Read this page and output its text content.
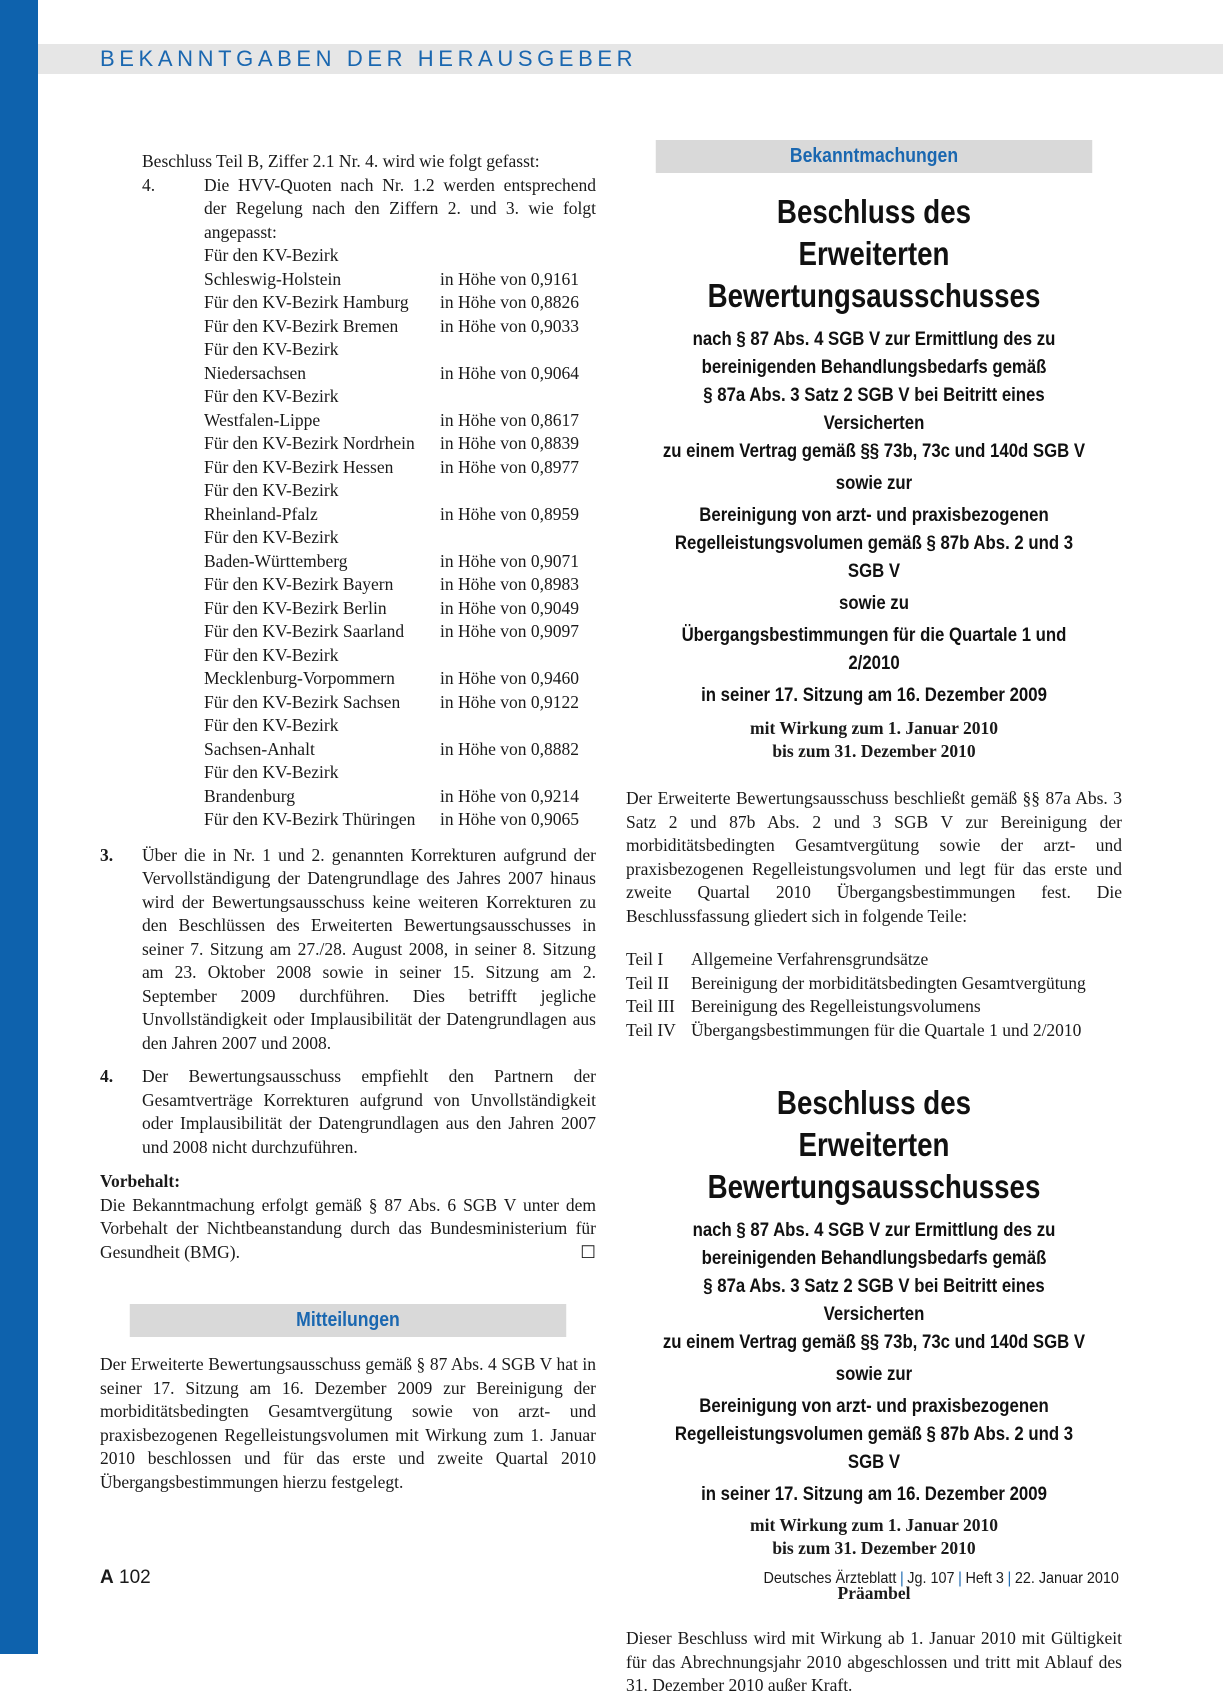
BEKANNTGABEN DER HERAUSGEBER

Beschluss Teil B, Ziffer 2.1 Nr. 4. wird wie folgt gefasst:

4.	Die HVV-Quoten nach Nr. 1.2 werden entsprechend der Regelung nach den Ziffern 2. und 3. wie folgt angepasst:
Für den KV-Bezirk	
Schleswig-Holstein	in Höhe von 0,9161
Für den KV-Bezirk Hamburg	in Höhe von 0,8826
Für den KV-Bezirk Bremen	in Höhe von 0,9033
Für den KV-Bezirk	
Niedersachsen	in Höhe von 0,9064
Für den KV-Bezirk	
Westfalen-Lippe	in Höhe von 0,8617
Für den KV-Bezirk Nordrhein	in Höhe von 0,8839
Für den KV-Bezirk Hessen	in Höhe von 0,8977
Für den KV-Bezirk	
Rheinland-Pfalz	in Höhe von 0,8959
Für den KV-Bezirk	
Baden-Württemberg	in Höhe von 0,9071
Für den KV-Bezirk Bayern	in Höhe von 0,8983
Für den KV-Bezirk Berlin	in Höhe von 0,9049
Für den KV-Bezirk Saarland	in Höhe von 0,9097
Für den KV-Bezirk	
Mecklenburg-Vorpommern	in Höhe von 0,9460
Für den KV-Bezirk Sachsen	in Höhe von 0,9122
Für den KV-Bezirk	
Sachsen-Anhalt	in Höhe von 0,8882
Für den KV-Bezirk	
Brandenburg	in Höhe von 0,9214
Für den KV-Bezirk Thüringen	in Höhe von 0,9065
3.	Über die in Nr. 1 und 2. genannten Korrekturen aufgrund der Vervollständigung der Datengrundlage des Jahres 2007 hinaus wird der Bewertungsausschuss keine weiteren Korrekturen zu den Beschlüssen des Erweiterten Bewertungsausschusses in seiner 7. Sitzung am 27./28. August 2008, in seiner 8. Sitzung am 23. Oktober 2008 sowie in seiner 15. Sitzung am 2. September 2009 durchführen. Dies betrifft jegliche Unvollständigkeit oder Implausibilität der Datengrundlagen aus den Jahren 2007 und 2008.
4.	Der Bewertungsausschuss empfiehlt den Partnern der Gesamtverträge Korrekturen aufgrund von Unvollständigkeit oder Implausibilität der Datengrundlagen aus den Jahren 2007 und 2008 nicht durchzuführen.

Vorbehalt:

Die Bekanntmachung erfolgt gemäß § 87 Abs. 6 SGB V unter dem Vorbehalt der Nichtbeanstandung durch das Bundesministerium für Gesundheit (BMG).	☐

Mitteilungen

Der Erweiterte Bewertungsausschuss gemäß § 87 Abs. 4 SGB V hat in seiner 17. Sitzung am 16. Dezember 2009 zur Bereinigung der morbiditätsbedingten Gesamtvergütung sowie von arzt- und praxisbezogenen Regelleistungsvolumen mit Wirkung zum 1. Januar 2010 beschlossen und für das erste und zweite Quartal 2010 Übergangsbestimmungen hierzu festgelegt.

Bekanntmachungen
Beschluss des
Erweiterten Bewertungsausschusses
nach § 87 Abs. 4 SGB V zur Ermittlung des zu
bereinigenden Behandlungsbedarfs gemäß
§ 87a Abs. 3 Satz 2 SGB V bei Beitritt eines Versicherten
zu einem Vertrag gemäß §§ 73b, 73c und 140d SGB V
sowie zur
Bereinigung von arzt- und praxisbezogenen
Regelleistungsvolumen gemäß § 87b Abs. 2 und 3 SGB V
sowie zu
Übergangsbestimmungen für die Quartale 1 und 2/2010
in seiner 17. Sitzung am 16. Dezember 2009
mit Wirkung zum 1. Januar 2010
bis zum 31. Dezember 2010

Der Erweiterte Bewertungsausschuss beschließt gemäß §§ 87a Abs. 3 Satz 2 und 87b Abs. 2 und 3 SGB V zur Bereinigung der morbiditätsbedingten Gesamtvergütung sowie der arzt- und praxisbezogenen Regelleistungsvolumen und legt für das erste und zweite Quartal 2010 Übergangsbestimmungen fest. Die Beschlussfassung gliedert sich in folgende Teile:

Teil I	Allgemeine Verfahrensgrundsätze
Teil II	Bereinigung der morbiditätsbedingten Gesamtvergütung
Teil III Bereinigung des Regelleistungsvolumens
Teil IV Übergangsbestimmungen für die Quartale 1 und 2/2010
Beschluss des
Erweiterten Bewertungsausschusses
nach § 87 Abs. 4 SGB V zur Ermittlung des zu
bereinigenden Behandlungsbedarfs gemäß
§ 87a Abs. 3 Satz 2 SGB V bei Beitritt eines Versicherten
zu einem Vertrag gemäß §§ 73b, 73c und 140d SGB V
sowie zur
Bereinigung von arzt- und praxisbezogenen
Regelleistungsvolumen gemäß § 87b Abs. 2 und 3 SGB V
in seiner 17. Sitzung am 16. Dezember 2009
mit Wirkung zum 1. Januar 2010
bis zum 31. Dezember 2010
Präambel

Dieser Beschluss wird mit Wirkung ab 1. Januar 2010 mit Gültigkeit für das Abrechnungsjahr 2010 abgeschlossen und tritt mit Ablauf des 31. Dezember 2010 außer Kraft.

A 102	Deutsches Ärzteblatt | Jg. 107 | Heft 3 | 22. Januar 2010
